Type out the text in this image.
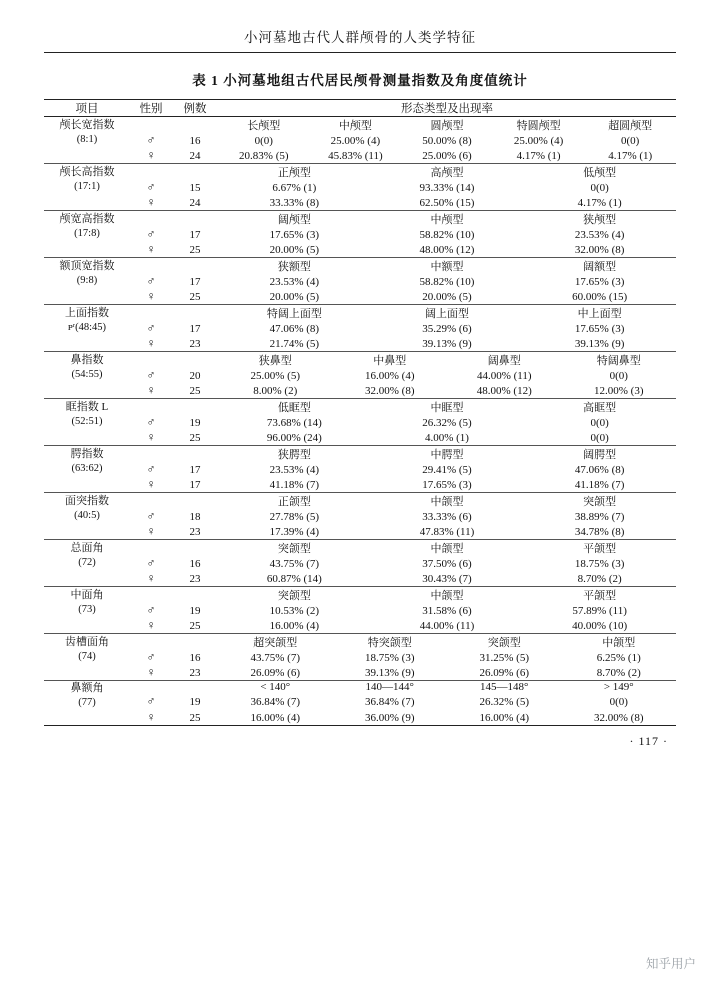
小河墓地古代人群颅骨的人类学特征
表 1 小河墓地组古代居民颅骨测量指数及角度值统计
项目	性别	例数	形态类型及出现率

颅长宽指数
(8:1)

长颅型	中颅型	圆颅型	特圆颅型	超圆颅型

♂	16		0(0)	25.00% (4)	50.00% (8)	25.00% (4)	0(0)

	♀	24		20.83% (5)	45.83% (11)	25.00% (6)	4.17% (1)	4.17% (1)

颅长高指数
(17:1)

正颅型	高颅型	低颅型

♂	15		6.67% (1)	93.33% (14)	0(0)

	♀	24		33.33% (8)	62.50% (15)	4.17% (1)

颅宽高指数
(17:8)

阔颅型	中颅型	狭颅型

♂	17		17.65% (3)	58.82% (10)	23.53% (4)

	♀	25		20.00% (5)	48.00% (12)	32.00% (8)

额顶宽指数
(9:8)

狭额型	中额型	阔额型

♂	17		23.53% (4)	58.82% (10)	17.65% (3)

	♀	25		20.00% (5)	20.00% (5)	60.00% (15)

上面指数
ᴘʳ(48:45)

特阔上面型	阔上面型	中上面型

♂	17		47.06% (8)	35.29% (6)	17.65% (3)

	♀	23		21.74% (5)	39.13% (9)	39.13% (9)

鼻指数
(54:55)

狭鼻型	中鼻型	阔鼻型	特阔鼻型

♂	20		25.00% (5)	16.00% (4)	44.00% (11)	0(0)

	♀	25		8.00% (2)	32.00% (8)	48.00% (12)	12.00% (3)

眶指数 L
(52:51)

低眶型	中眶型	高眶型

♂	19		73.68% (14)	26.32% (5)	0(0)

	♀	25		96.00% (24)	4.00% (1)	0(0)

腭指数
(63:62)

狭腭型	中腭型	阔腭型

♂	17		23.53% (4)	29.41% (5)	47.06% (8)

	♀	17		41.18% (7)	17.65% (3)	41.18% (7)

面突指数
(40:5)

正颌型	中颌型	突颌型

♂	18		27.78% (5)	33.33% (6)	38.89% (7)

	♀	23		17.39% (4)	47.83% (11)	34.78% (8)

总面角
(72)

突颌型	中颌型	平颌型

♂	16		43.75% (7)	37.50% (6)	18.75% (3)

	♀	23		60.87% (14)	30.43% (7)	8.70% (2)

中面角
(73)

突颌型	中颌型	平颌型

♂	19		10.53% (2)	31.58% (6)	57.89% (11)

	♀	25		16.00% (4)	44.00% (11)	40.00% (10)

齿槽面角
(74)

超突颌型	特突颌型	突颌型	中颌型

♂	16		43.75% (7)	18.75% (3)	31.25% (5)	6.25% (1)

	♀	23		26.09% (6)	39.13% (9)	26.09% (6)	8.70% (2)

鼻额角
(77)

< 140°	140—144°	145—148°	> 149°

♂	19		36.84% (7)	36.84% (7)	26.32% (5)	0(0)

	♀	25		16.00% (4)	36.00% (9)	16.00% (4)	32.00% (8)
· 117 ·
知乎用户
